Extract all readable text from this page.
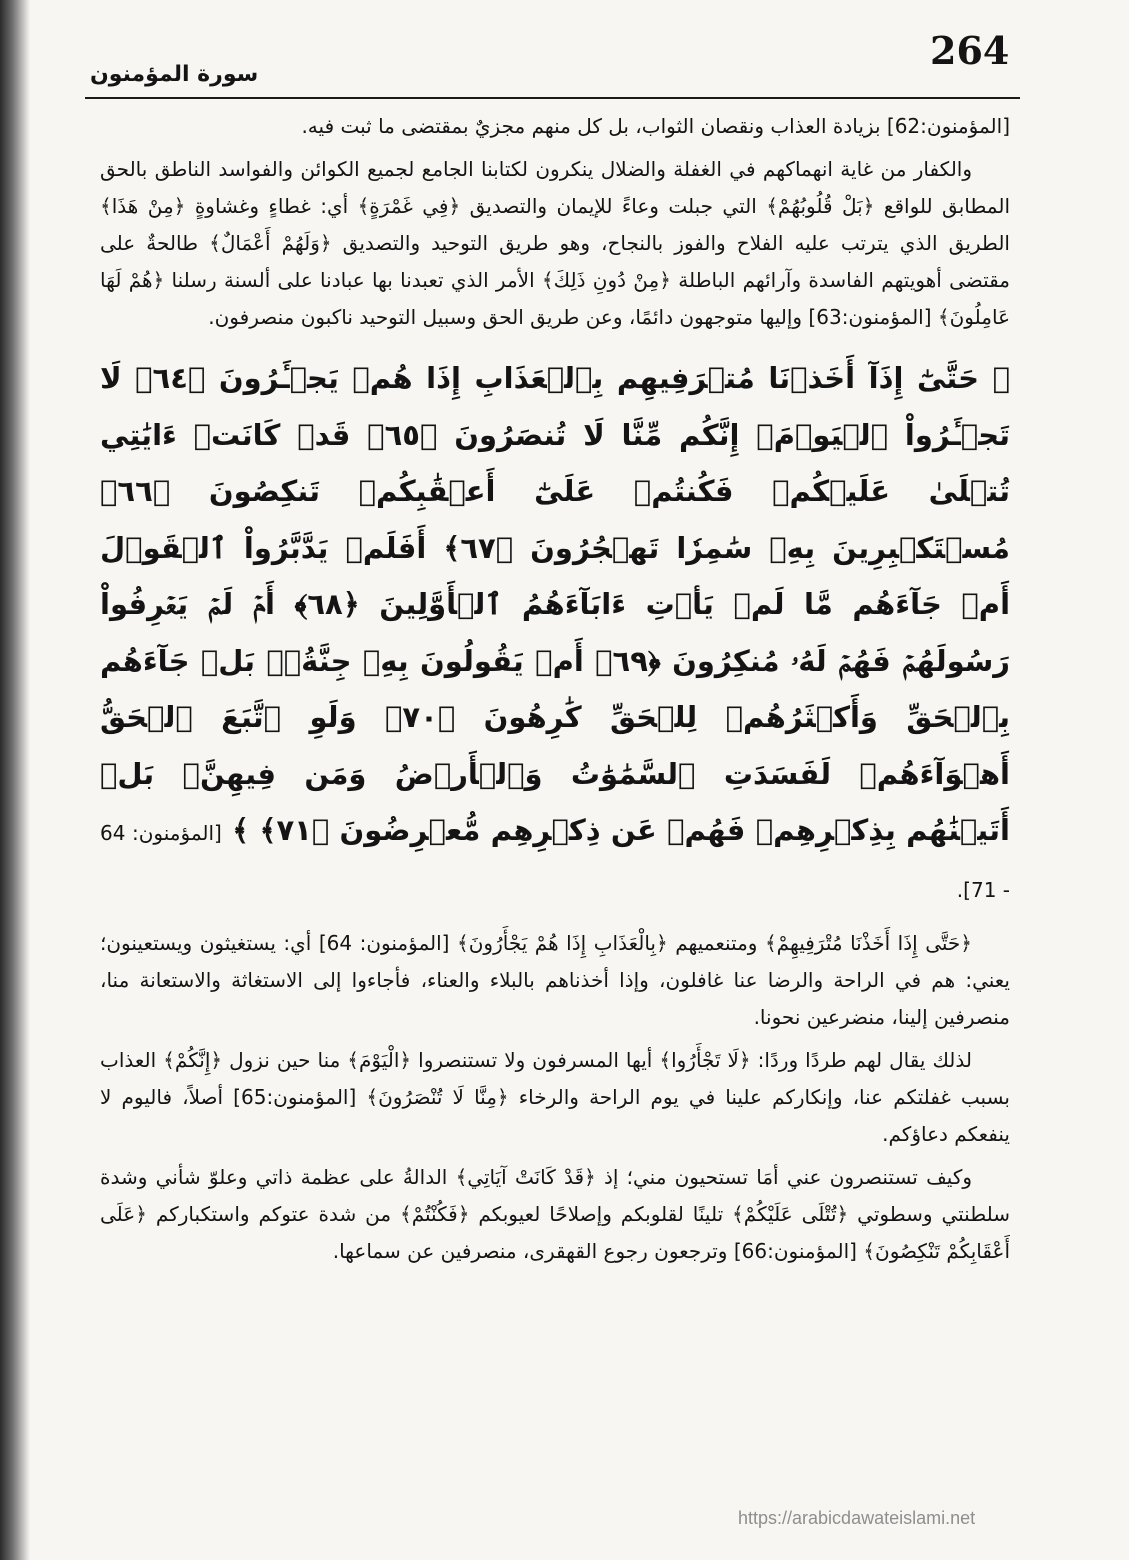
264
سورة المؤمنون

[المؤمنون:62] بزيادة العذاب ونقصان الثواب، بل كل منهم مجزيٌ بمقتضى ما ثبت فيه.

والكفار من غاية انهماكهم في الغفلة والضلال ينكرون لكتابنا الجامع لجميع الكوائن والفواسد الناطق بالحق المطابق للواقع ﴿بَلْ قُلُوبُهُمْ﴾ التي جبلت وعاءً للإيمان والتصديق ﴿فِي غَمْرَةٍ﴾ أي: غطاءٍ وغشاوةٍ ﴿مِنْ هَذَا﴾ الطريق الذي يترتب عليه الفلاح والفوز بالنجاح، وهو طريق التوحيد والتصديق ﴿وَلَهُمْ أَعْمَالٌ﴾ طالحةٌ على مقتضى أهويتهم الفاسدة وآرائهم الباطلة ﴿مِنْ دُونِ ذَلِكَ﴾ الأمر الذي تعبدنا بها عبادنا على ألسنة رسلنا ﴿هُمْ لَهَا عَامِلُونَ﴾ [المؤمنون:63] وإليها متوجهون دائمًا، وعن طريق الحق وسبيل التوحيد ناكبون منصرفون.

﴿ حَتَّىٰٓ إِذَآ أَخَذۡنَا مُتۡرَفِيهِم بِٱلۡعَذَابِ إِذَا هُمۡ يَجۡـَٔرُونَ ﴿٦٤﴾ لَا تَجۡـَٔرُواْ ٱلۡيَوۡمَۖ إِنَّكُم مِّنَّا لَا تُنصَرُونَ ﴿٦٥﴾ قَدۡ كَانَتۡ ءَايَٰتِي تُتۡلَىٰ عَلَيۡكُمۡ فَكُنتُمۡ عَلَىٰٓ أَعۡقَٰبِكُمۡ تَنكِصُونَ ﴿٦٦﴾ مُسۡتَكۡبِرِينَ بِهِۦ سَٰمِرٗا تَهۡجُرُونَ ﴿٦٧﴾ أَفَلَمۡ يَدَّبَّرُواْ ٱلۡقَوۡلَ أَمۡ جَآءَهُم مَّا لَمۡ يَأۡتِ ءَابَآءَهُمُ ٱلۡأَوَّلِينَ ﴿٦٨﴾ أَمۡ لَمۡ يَعۡرِفُواْ رَسُولَهُمۡ فَهُمۡ لَهُۥ مُنكِرُونَ ﴿٦٩﴾ أَمۡ يَقُولُونَ بِهِۦ جِنَّةُۢۚ بَلۡ جَآءَهُم بِٱلۡحَقِّ وَأَكۡثَرُهُمۡ لِلۡحَقِّ كَٰرِهُونَ ﴿٧٠﴾ وَلَوِ ٱتَّبَعَ ٱلۡحَقُّ أَهۡوَآءَهُمۡ لَفَسَدَتِ ٱلسَّمَٰوَٰتُ وَٱلۡأَرۡضُ وَمَن فِيهِنَّۚ بَلۡ أَتَيۡنَٰهُم بِذِكۡرِهِمۡ فَهُمۡ عَن ذِكۡرِهِم مُّعۡرِضُونَ ﴿٧١﴾ ﴾ [المؤمنون: 64 - 71].

﴿حَتَّى إِذَا أَخَذْنَا مُتْرَفِيهِمْ﴾ ومتنعميهم ﴿بِالْعَذَابِ إِذَا هُمْ يَجْأَرُونَ﴾ [المؤمنون: 64] أي: يستغيثون ويستعينون؛ يعني: هم في الراحة والرضا عنا غافلون، وإذا أخذناهم بالبلاء والعناء، فأجاءوا إلى الاستغاثة والاستعانة منا، منصرفين إلينا، منضرعين نحونا.

لذلك يقال لهم طردًا وردًا: ﴿لَا تَجْأَرُوا﴾ أيها المسرفون ولا تستنصروا ﴿الْيَوْمَ﴾ منا حين نزول ﴿إِنَّكُمْ﴾ العذاب بسبب غفلتكم عنا، وإنكاركم علينا في يوم الراحة والرخاء ﴿مِنَّا لَا تُنْصَرُونَ﴾ [المؤمنون:65] أصلاً، فاليوم لا ينفعكم دعاؤكم.

وكيف تستنصرون عني أمَا تستحيون مني؛ إذ ﴿قَدْ كَانَتْ آيَاتِي﴾ الدالةُ على عظمة ذاتي وعلوّ شأني وشدة سلطنتي وسطوتي ﴿تُتْلَى عَلَيْكُمْ﴾ تلينًا لقلوبكم وإصلاحًا لعيوبكم ﴿فَكُنْتُمْ﴾ من شدة عتوكم واستكباركم ﴿عَلَى أَعْقَابِكُمْ تَنْكِصُونَ﴾ [المؤمنون:66] وترجعون رجوع القهقرى، منصرفين عن سماعها.

https://arabicdawateislami.net
